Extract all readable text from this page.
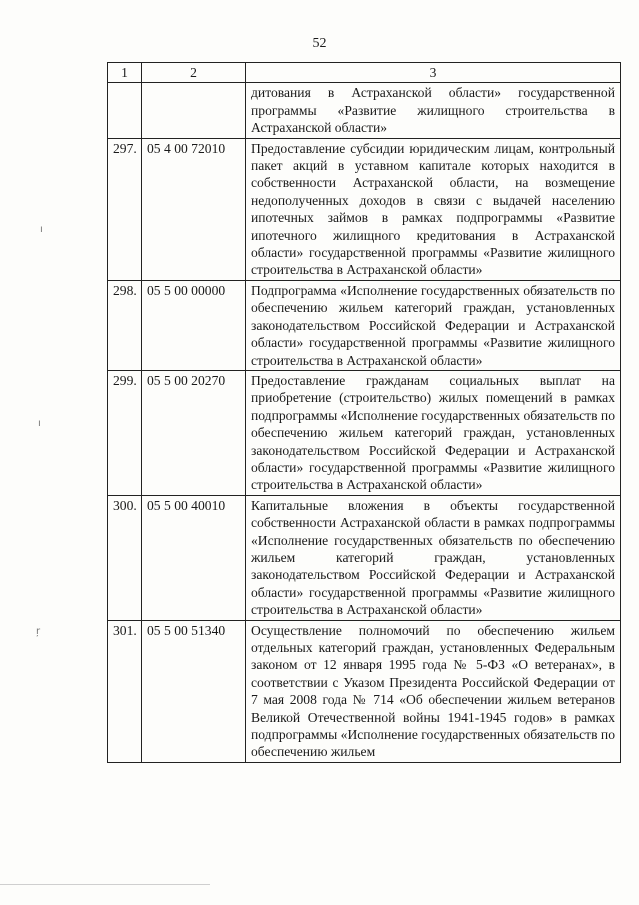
52
ı
ı
ŗ
1	2	3
		дитования в Астраханской области» государственной программы «Развитие жилищного строительства в Астраханской области»
297.	05 4 00 72010	Предоставление субсидии юридическим лицам, контрольный пакет акций в уставном капитале которых находится в собственности Астраханской области, на возмещение недополученных доходов в связи с выдачей населению ипотечных займов в рамках подпрограммы «Развитие ипотечного жилищного кредитования в Астраханской области» государственной программы «Развитие жилищного строительства в Астраханской области»
298.	05 5 00 00000	Подпрограмма «Исполнение государственных обязательств по обеспечению жильем категорий граждан, установленных законодательством Российской Федерации и Астраханской области» государственной программы «Развитие жилищного строительства в Астраханской области»
299.	05 5 00 20270	Предоставление гражданам социальных выплат на приобретение (строительство) жилых помещений в рамках подпрограммы «Исполнение государственных обязательств по обеспечению жильем категорий граждан, установленных законодательством Российской Федерации и Астраханской области» государственной программы «Развитие жилищного строительства в Астраханской области»
300.	05 5 00 40010	Капитальные вложения в объекты государственной собственности Астраханской области в рамках подпрограммы «Исполнение государственных обязательств по обеспечению жильем категорий граждан, установленных законодательством Российской Федерации и Астраханской области» государственной программы «Развитие жилищного строительства в Астраханской области»
301.	05 5 00 51340	Осуществление полномочий по обеспечению жильем отдельных категорий граждан, установленных Федеральным законом от 12 января 1995 года № 5-ФЗ «О ветеранах», в соответствии с Указом Президента Российской Федерации от 7 мая 2008 года № 714 «Об обеспечении жильем ветеранов Великой Отечественной войны 1941-1945 годов» в рамках подпрограммы «Исполнение государственных обязательств по обеспечению жильем
